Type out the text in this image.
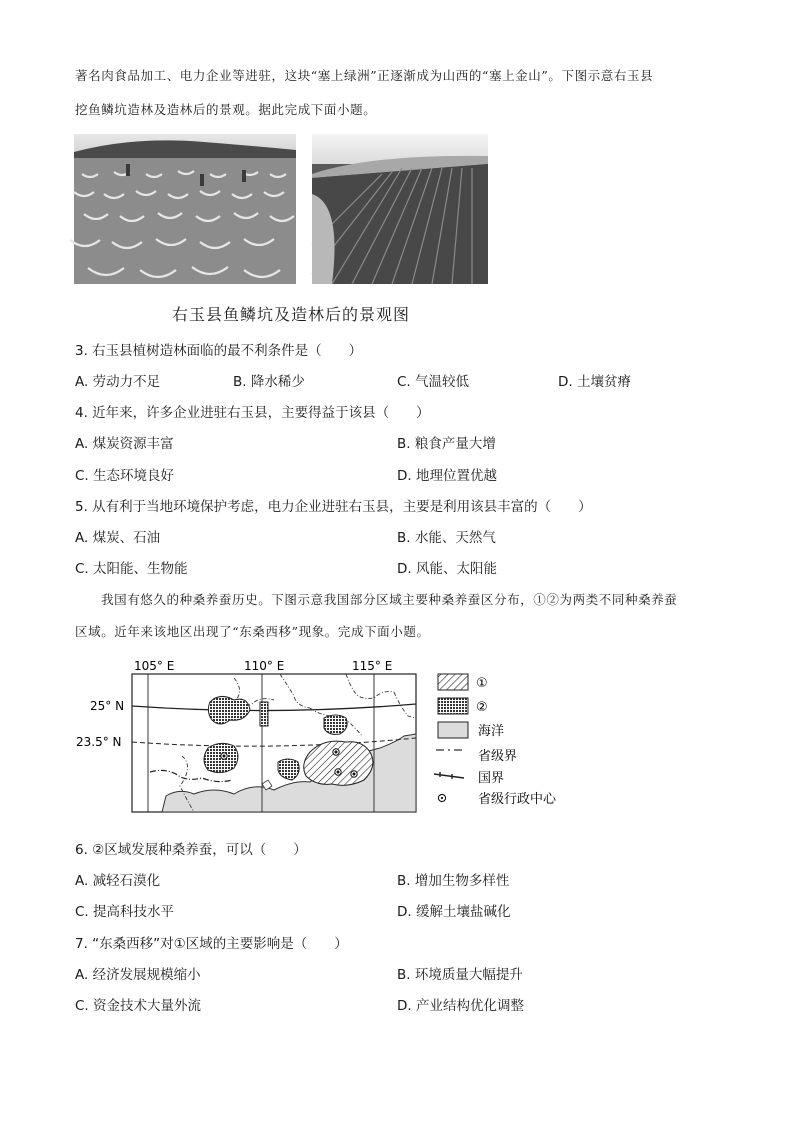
著名肉食品加工、电力企业等进驻，这块“塞上绿洲”正逐渐成为山西的“塞上金山”。下图示意右玉县
挖鱼鳞坑造林及造林后的景观。据此完成下面小题。
右玉县鱼鳞坑及造林后的景观图
3. 右玉县植树造林面临的最不利条件是（　　）
A. 劳动力不足	B. 降水稀少	C. 气温较低	D. 土壤贫瘠
4. 近年来，许多企业进驻右玉县，主要得益于该县（　　）
A. 煤炭资源丰富	B. 粮食产量大增
C. 生态环境良好	D. 地理位置优越
5. 从有利于当地环境保护考虑，电力企业进驻右玉县，主要是利用该县丰富的（　　）
A. 煤炭、石油	B. 水能、天然气
C. 太阳能、生物能	D. 风能、太阳能
我国有悠久的种桑养蚕历史。下图示意我国部分区域主要种桑养蚕区分布，①②为两类不同种桑养蚕
区域。近年来该地区出现了“东桑西移”现象。完成下面小题。
105° E	110° E	115° E
25° N
23.5° N
①
②
海洋
省级界
国界
省级行政中心
6. ②区域发展种桑养蚕，可以（　　）
A. 减轻石漠化	B. 增加生物多样性
C. 提高科技水平	D. 缓解土壤盐碱化
7. “东桑西移”对①区域的主要影响是（　　）
A. 经济发展规模缩小	B. 环境质量大幅提升
C. 资金技术大量外流	D. 产业结构优化调整
